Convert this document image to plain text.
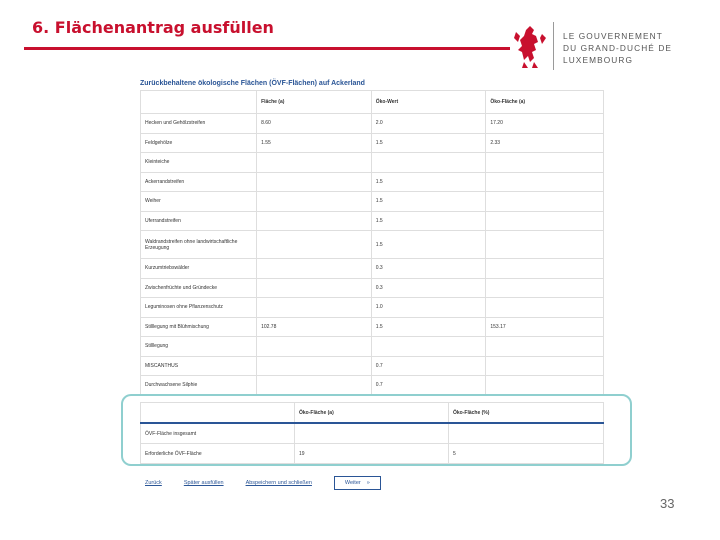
6. Flächenantrag ausfüllen	LE GOUVERNEMENT
DU GRAND-DUCHÉ DE LUXEMBOURG
Zurückbehaltene ökologische Flächen (ÖVF-Flächen) auf Ackerland
	Fläche (a)	Öko-Wert	Öko-Fläche (a)
Hecken und Gehölzstreifen	8.60	2.0	17.20
Feldgehölze	1.55	1.5	2.33
Kleinteiche			
Ackerrandstreifen		1.5	
Weiher		1.5	
Uferrandstreifen		1.5	
Waldrandstreifen ohne landwirtschaftliche Erzeugung		1.5	
Kurzumtriebswälder		0.3	
Zwischenfrüchte und Gründecke		0.3	
Leguminosen ohne Pflanzenschutz		1.0	
Stilllegung mit Blühmischung	102.78	1.5	153.17
Stilllegung			
MISCANTHUS		0.7	
Durchwachsene Silphie		0.7	
	Öko-Fläche (a)	Öko-Fläche (%)
ÖVF-Fläche insgesamt		
Erforderliche ÖVF-Fläche	19	5
Zurück	Später ausfüllen	Abspeichern und schließen	Weiter »
33
